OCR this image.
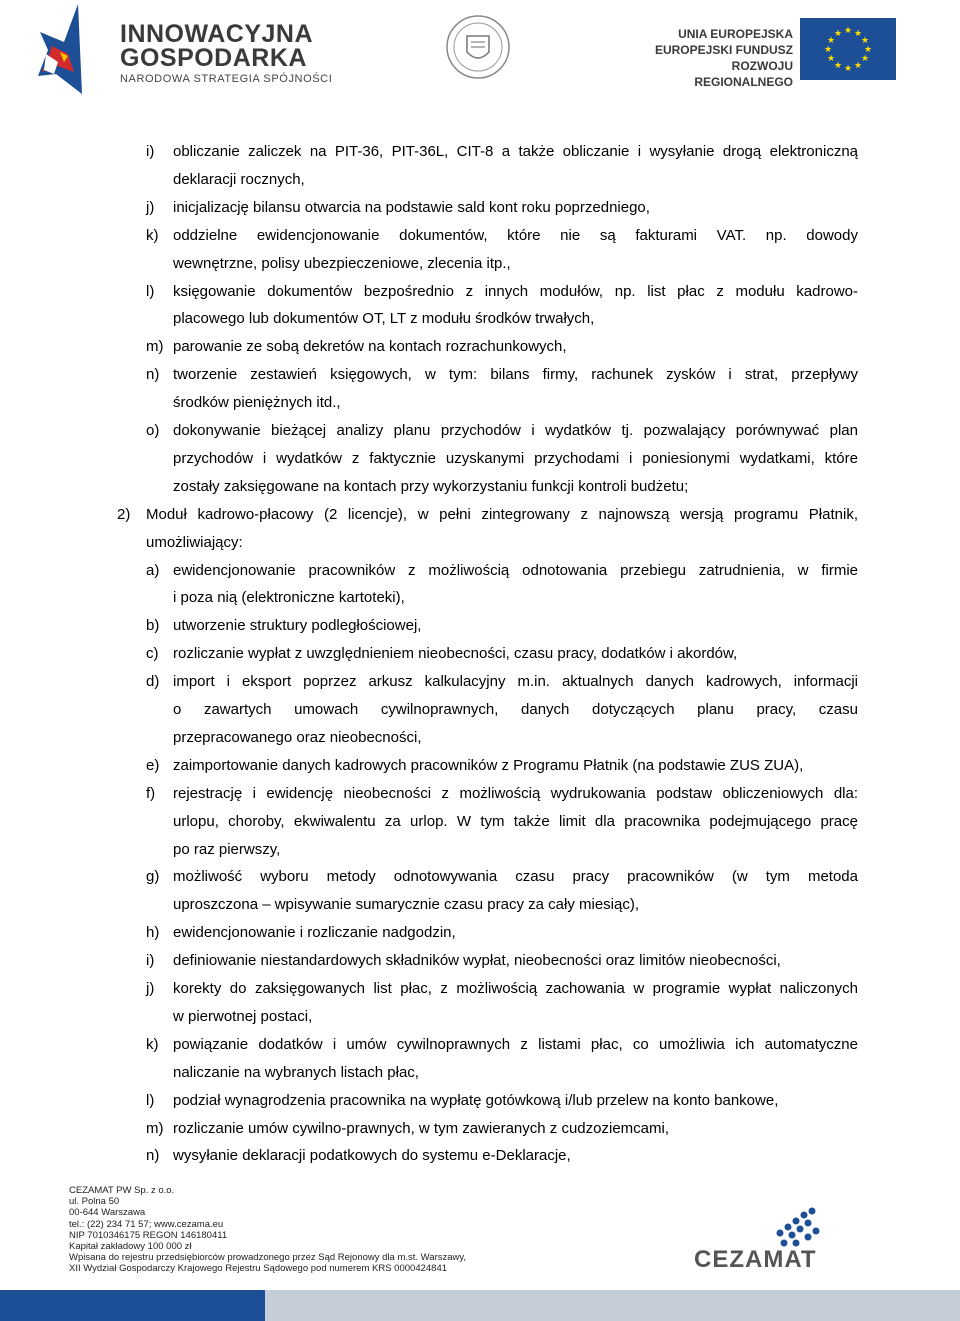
INNOWACYJNA
GOSPODARKA
NARODOWA STRATEGIA SPÓJNOŚCI
UNIA EUROPEJSKA
EUROPEJSKI FUNDUSZ
ROZWOJU REGIONALNEGO
★ ★
★
★
★
★
★
★
★
★
★
★
i) obliczanie zaliczek na PIT-36, PIT-36L, CIT-8 a także obliczanie i wysyłanie drogą elektroniczną
deklaracji rocznych,
j) inicjalizację bilansu otwarcia na podstawie sald kont roku poprzedniego,
k) oddzielne ewidencjonowanie dokumentów, które nie są fakturami VAT. np. dowody
wewnętrzne, polisy ubezpieczeniowe, zlecenia itp.,
l) księgowanie dokumentów bezpośrednio z innych modułów, np. list płac z modułu kadrowo-
placowego lub dokumentów OT, LT z modułu środków trwałych,
m) parowanie ze sobą dekretów na kontach rozrachunkowych,
n) tworzenie zestawień księgowych, w tym: bilans firmy, rachunek zysków i strat, przepływy
środków pieniężnych itd.,
o) dokonywanie bieżącej analizy planu przychodów i wydatków tj. pozwalający porównywać plan
przychodów i wydatków z faktycznie uzyskanymi przychodami i poniesionymi wydatkami, które
zostały zaksięgowane na kontach przy wykorzystaniu funkcji kontroli budżetu;
2) Moduł kadrowo-płacowy (2 licencje), w pełni zintegrowany z najnowszą wersją programu Płatnik,
umożliwiający:
a) ewidencjonowanie pracowników z możliwością odnotowania przebiegu zatrudnienia, w firmie
i poza nią (elektroniczne kartoteki),
b) utworzenie struktury podległościowej,
c) rozliczanie wypłat z uwzględnieniem nieobecności, czasu pracy, dodatków i akordów,
d) import i eksport poprzez arkusz kalkulacyjny m.in. aktualnych danych kadrowych, informacji
o zawartych umowach cywilnoprawnych, danych dotyczących planu pracy, czasu
przepracowanego oraz nieobecności,
e) zaimportowanie danych kadrowych pracowników z Programu Płatnik (na podstawie ZUS ZUA),
f) rejestrację i ewidencję nieobecności z możliwością wydrukowania podstaw obliczeniowych dla:
urlopu, choroby, ekwiwalentu za urlop. W tym także limit dla pracownika podejmującego pracę
po raz pierwszy,
g) możliwość wyboru metody odnotowywania czasu pracy pracowników (w tym metoda
uproszczona – wpisywanie sumarycznie czasu pracy za cały miesiąc),
h) ewidencjonowanie i rozliczanie nadgodzin,
i) definiowanie niestandardowych składników wypłat, nieobecności oraz limitów nieobecności,
j) korekty do zaksięgowanych list płac, z możliwością zachowania w programie wypłat naliczonych
w pierwotnej postaci,
k) powiązanie dodatków i umów cywilnoprawnych z listami płac, co umożliwia ich automatyczne
naliczanie na wybranych listach płac,
l) podział wynagrodzenia pracownika na wypłatę gotówkową i/lub przelew na konto bankowe,
m) rozliczanie umów cywilno-prawnych, w tym zawieranych z cudzoziemcami,
n) wysyłanie deklaracji podatkowych do systemu e-Deklaracje,
CEZAMAT PW Sp. z o.o.
ul. Polna 50
00-644 Warszawa
tel.: (22) 234 71 57; www.cezama.eu
NIP 7010346175 REGON 146180411
Kapitał zakładowy 100 000 zł
Wpisana do rejestru przedsiębiorców prowadzonego przez Sąd Rejonowy dla m.st. Warszawy,
XII Wydział Gospodarczy Krajowego Rejestru Sądowego pod numerem KRS 0000424841	CEZAMAT
